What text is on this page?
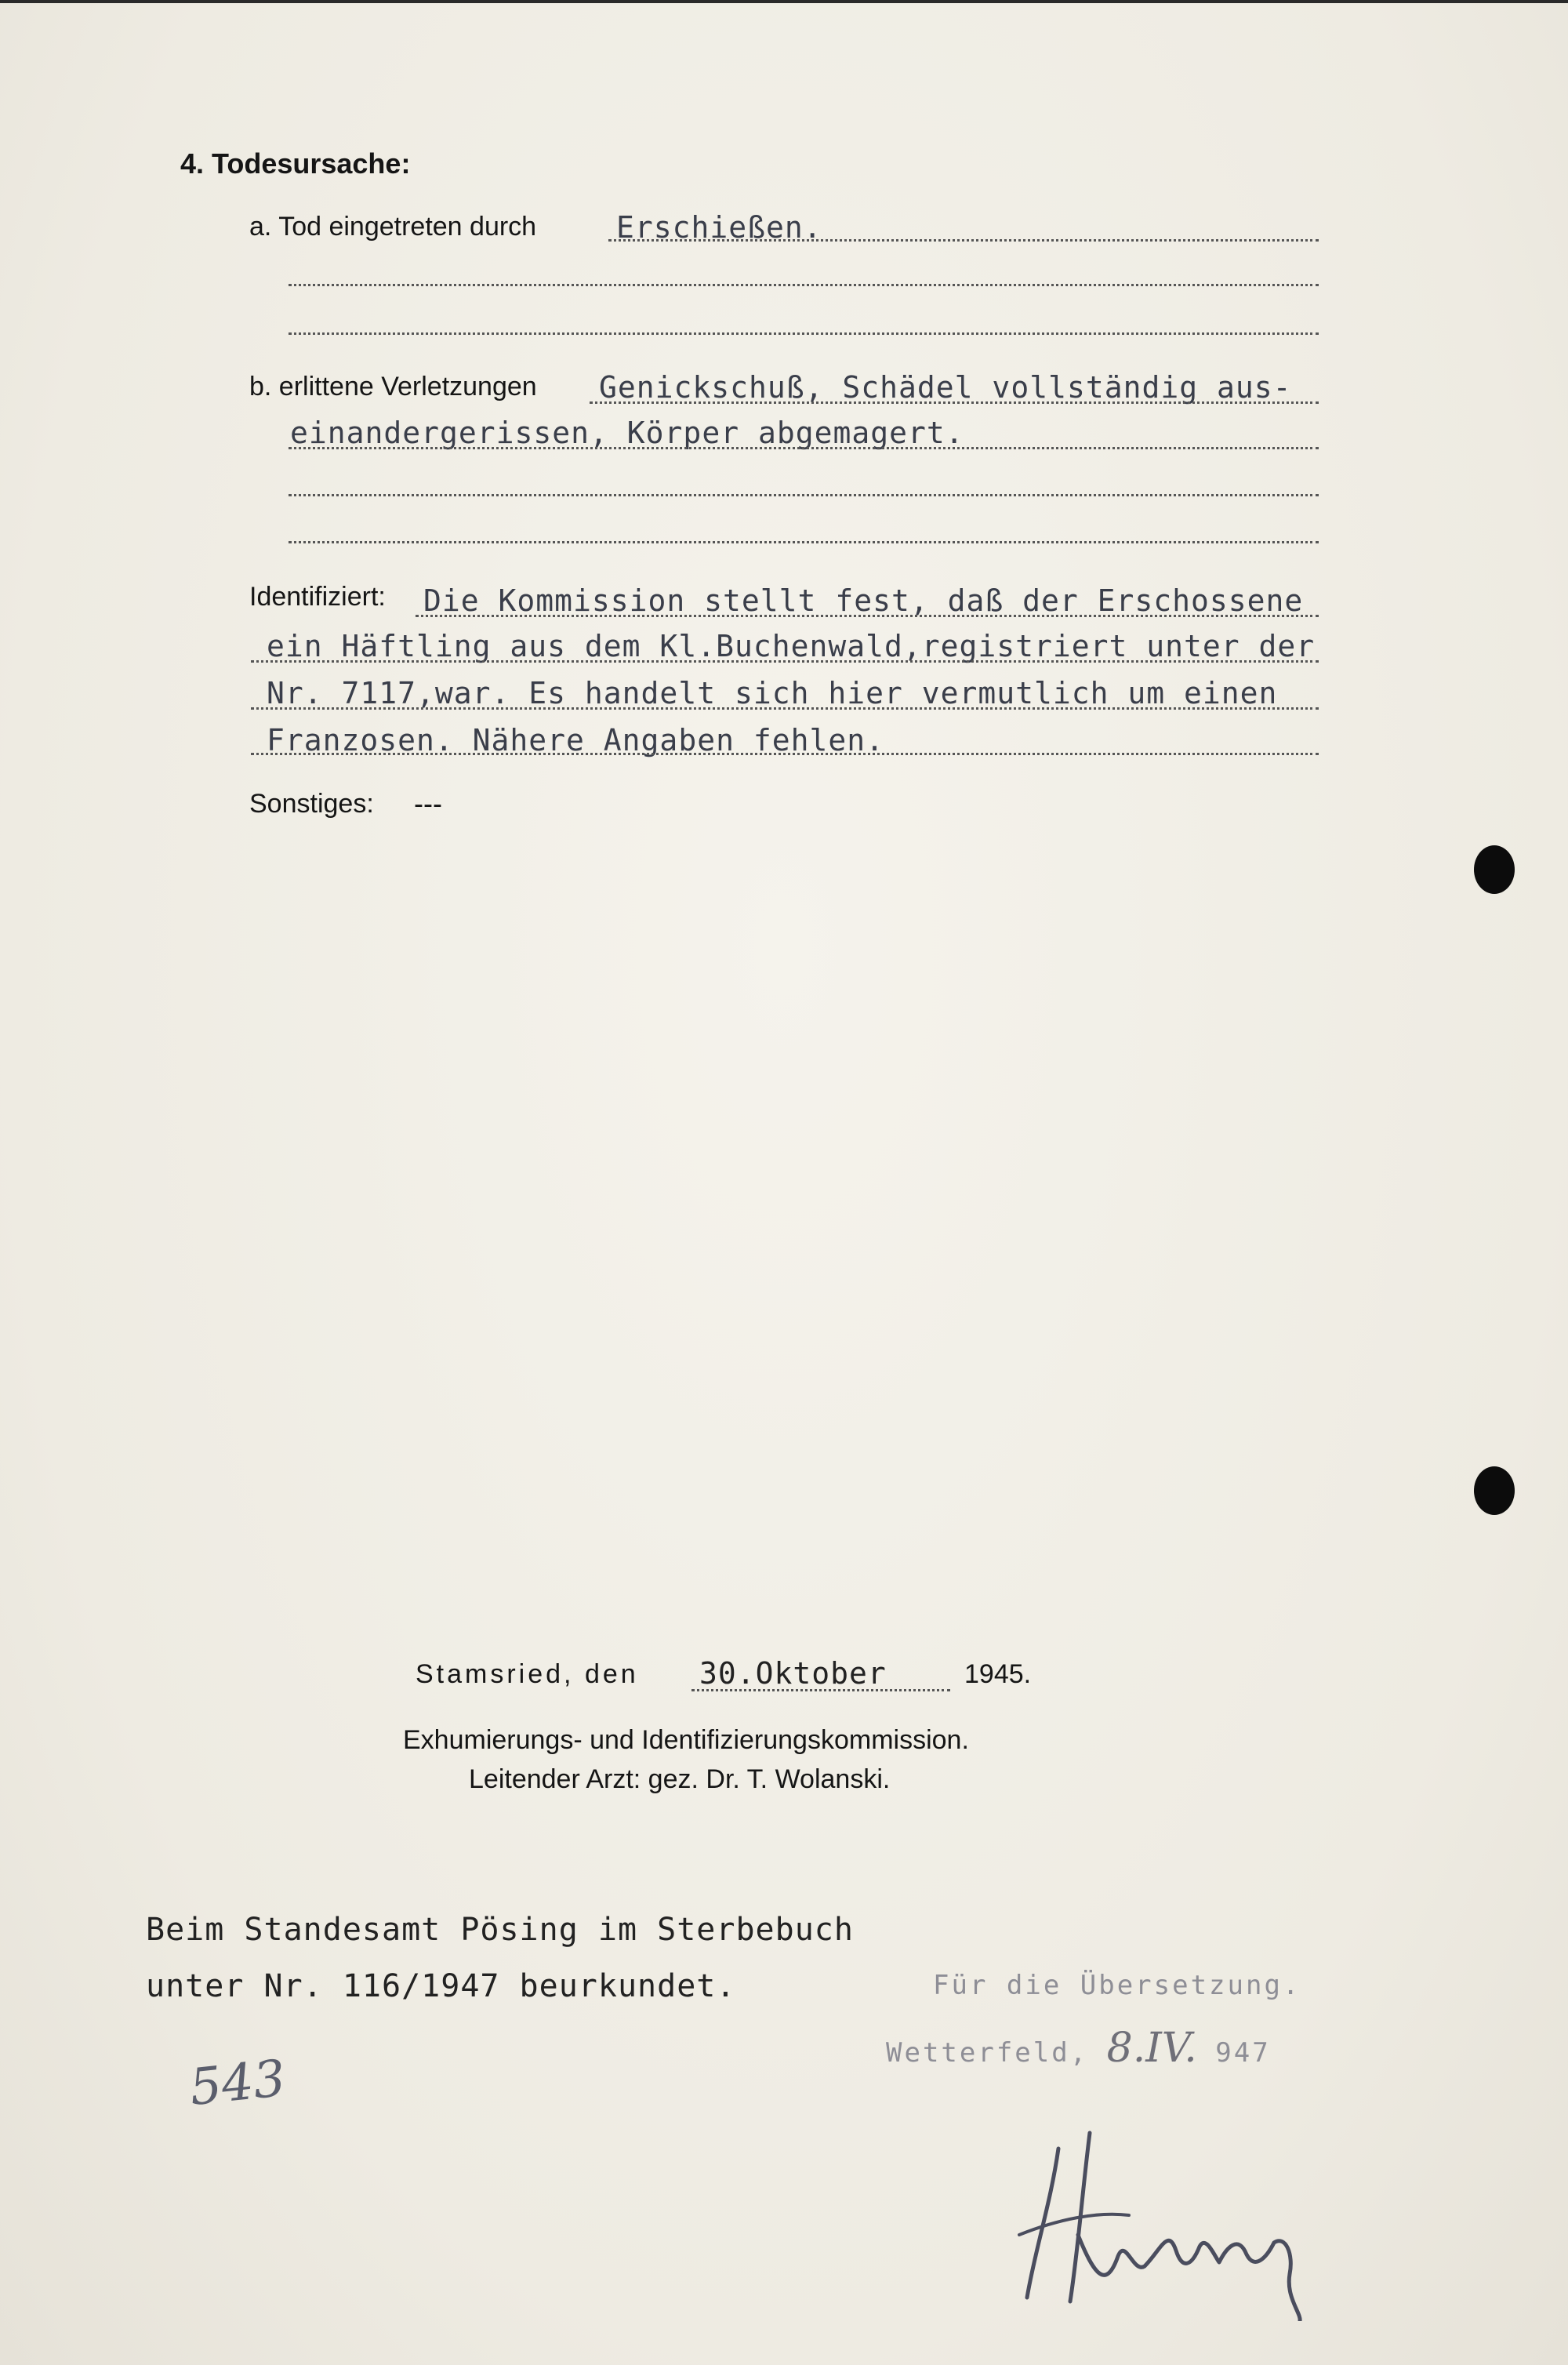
4. Todesursache:
a. Tod eingetreten durch	Erschießen.
b. erlittene Verletzungen Genickschuß, Schädel vollständig aus-
einandergerissen, Körper abgemagert.
Identifiziert: Die Kommission stellt fest, daß der Erschossene
ein Häftling aus dem Kl.Buchenwald,registriert unter der
Nr. 7117,war. Es handelt sich hier vermutlich um einen
Franzosen. Nähere Angaben fehlen.
Sonstiges: ---
Stamsried, den 30.Oktober	1945.
Exhumierungs- und Identifizierungskommission.
Leitender Arzt: gez. Dr. T. Wolanski.
Beim Standesamt Pösing im Sterbebuch
unter Nr. 116/1947 beurkundet.	Für die Übersetzung.
Wetterfeld, 8.IV. 947
543
